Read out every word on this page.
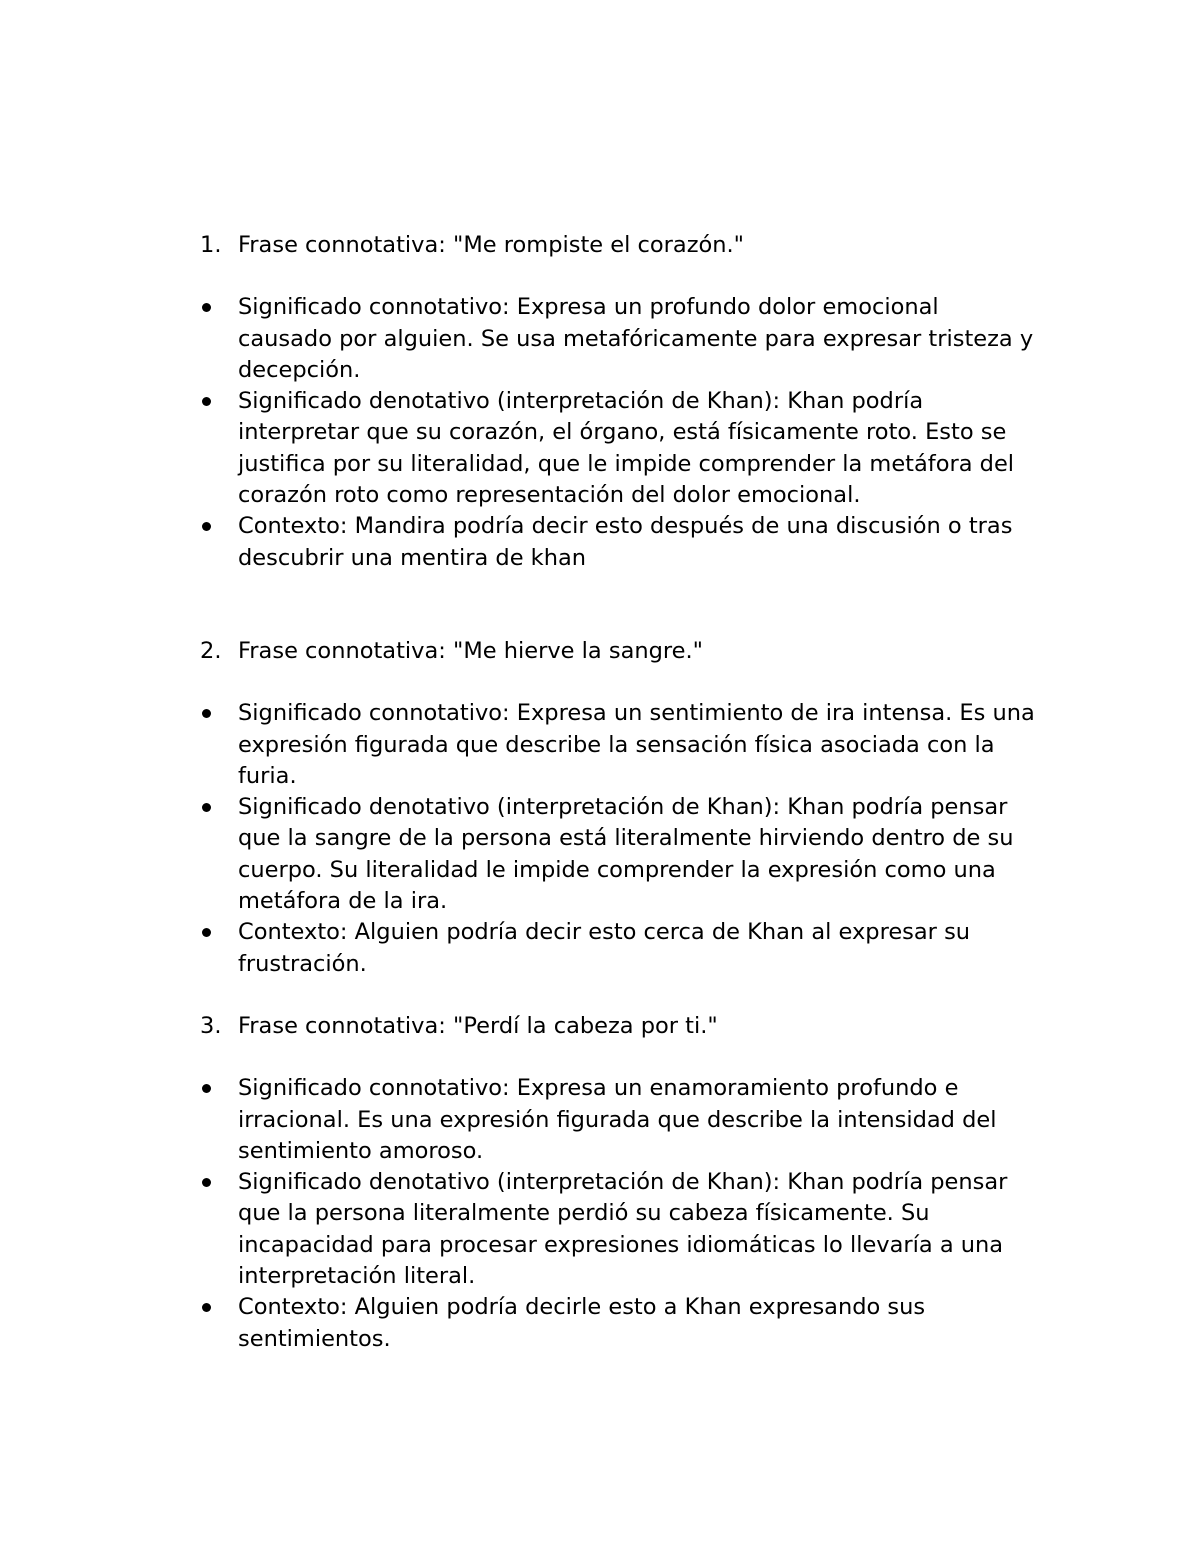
1. Frase connotativa: "Me rompiste el corazón."

Significado connotativo: Expresa un profundo dolor emocional causado por alguien. Se usa metafóricamente para expresar tristeza y decepción.
Significado denotativo (interpretación de Khan): Khan podría interpretar que su corazón, el órgano, está físicamente roto. Esto se justifica por su literalidad, que le impide comprender la metáfora del corazón roto como representación del dolor emocional.
Contexto: Mandira podría decir esto después de una discusión o tras descubrir una mentira de khan

2. Frase connotativa: "Me hierve la sangre."

Significado connotativo: Expresa un sentimiento de ira intensa. Es una expresión figurada que describe la sensación física asociada con la furia.
Significado denotativo (interpretación de Khan): Khan podría pensar que la sangre de la persona está literalmente hirviendo dentro de su cuerpo. Su literalidad le impide comprender la expresión como una metáfora de la ira.
Contexto: Alguien podría decir esto cerca de Khan al expresar su frustración.

3. Frase connotativa: "Perdí la cabeza por ti."

Significado connotativo: Expresa un enamoramiento profundo e irracional. Es una expresión figurada que describe la intensidad del sentimiento amoroso.
Significado denotativo (interpretación de Khan): Khan podría pensar que la persona literalmente perdió su cabeza físicamente. Su incapacidad para procesar expresiones idiomáticas lo llevaría a una interpretación literal.
Contexto: Alguien podría decirle esto a Khan expresando sus sentimientos.
